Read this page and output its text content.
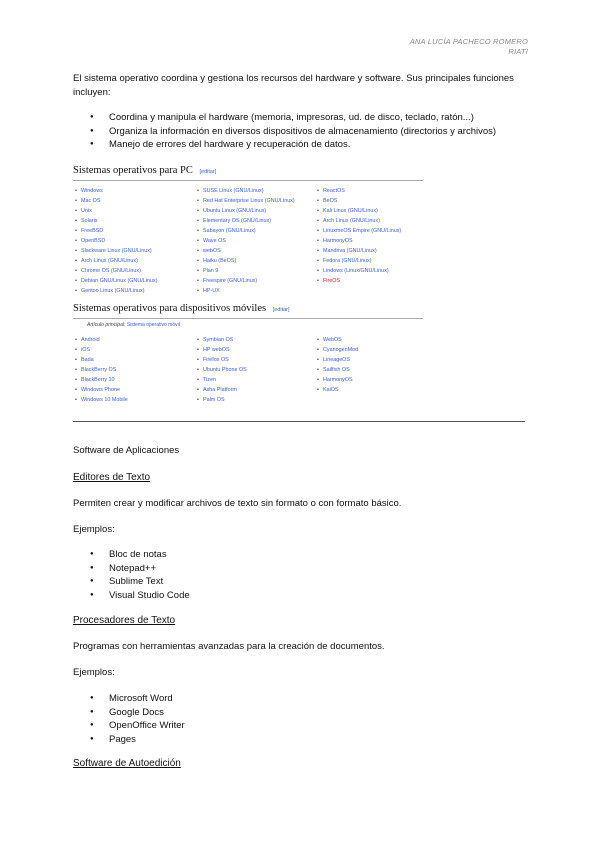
ANA LUCÍA PACHECO ROMERO
RIATI
El sistema operativo coordina y gestiona los recursos del hardware y software. Sus principales funciones incluyen:
● Coordina y manipula el hardware (memoria, impresoras, ud. de disco, teclado, ratón...)
● Organiza la información en diversos dispositivos de almacenamiento (directorios y archivos)
● Manejo de errores del hardware y recuperación de datos.
Sistemas operativos para PC [editar]
• Windows
• Mac OS
• Unix
• Solaris
• FreeBSD
• OpenBSD
• Slackware Linux (GNU/Linux)
• Arch Linux (GNU/Linux)
• Chrome OS (GNU/Linux)
• Debian GNU/Linux (GNU/Linux)
• Gentoo Linux (GNU/Linux)
• SUSE Linux (GNU/Linux)
• Red Hat Enterprise Linux (GNU/Linux)
• Ubuntu Linux (GNU/Linux)
• Elementary OS (GNU/Linux)
• Sabayon (GNU/Linux)
• Wave OS
• webOS
• Haiku (BeOS)
• Plan 9
• Freespire (GNU/Linux)
• HP-UX
• ReactOS
• BeOS
• Kali Linux (GNU/Linux)
• Arch Linux (GNU/Linux)
• LinuxmeOS Empire (GNU/Linux)
• HarmonyOS
• Mandriva (GNU/Linux)
• Fedora (GNU/Linux)
• Lindows (Linux/GNU/Linux)
• FireOS
Sistemas operativos para dispositivos móviles [editar]
Artículo principal: Sistema operativo móvil
• Android
• iOS
• Bada
• BlackBerry OS
• BlackBerry 10
• Windows Phone
• Windows 10 Mobile
• Symbian OS
• HP webOS
• Firefox OS
• Ubuntu Phone OS
• Tizen
• Asha Platform
• Palm OS
• WebOS
• CyanogenMod
• LineageOS
• Sailfish OS
• HarmonyOS
• KaiOS
Software de Aplicaciones
Editores de Texto
Permiten crear y modificar archivos de texto sin formato o con formato básico.
Ejemplos:
● Bloc de notas
● Notepad++
● Sublime Text
● Visual Studio Code
Procesadores de Texto
Programas con herramientas avanzadas para la creación de documentos.
Ejemplos:
● Microsoft Word
● Google Docs
● OpenOffice Writer
● Pages
Software de Autoedición
